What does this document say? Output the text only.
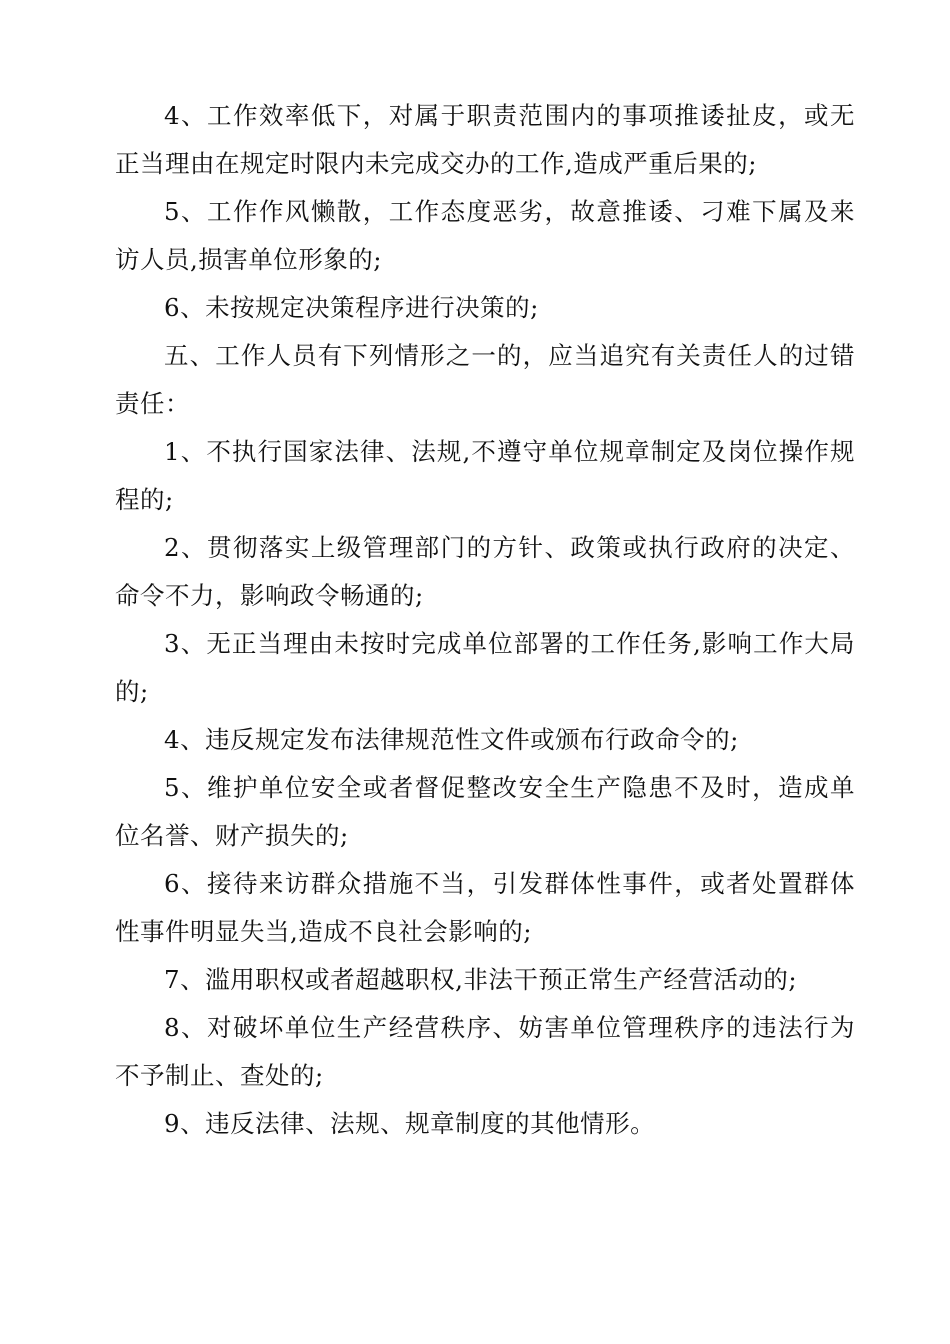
4、工作效率低下，对属于职责范围内的事项推诿扯皮，或无正当理由在规定时限内未完成交办的工作,造成严重后果的;

5、工作作风懒散，工作态度恶劣，故意推诿、刁难下属及来访人员,损害单位形象的;

6、未按规定决策程序进行决策的;

五、工作人员有下列情形之一的，应当追究有关责任人的过错责任：

1、不执行国家法律、法规,不遵守单位规章制定及岗位操作规程的;

2、贯彻落实上级管理部门的方针、政策或执行政府的决定、命令不力，影响政令畅通的;

3、无正当理由未按时完成单位部署的工作任务,影响工作大局的;

4、违反规定发布法律规范性文件或颁布行政命令的;

5、维护单位安全或者督促整改安全生产隐患不及时，造成单位名誉、财产损失的;

6、接待来访群众措施不当，引发群体性事件，或者处置群体性事件明显失当,造成不良社会影响的;

7、滥用职权或者超越职权,非法干预正常生产经营活动的;

8、对破坏单位生产经营秩序、妨害单位管理秩序的违法行为不予制止、查处的;

9、违反法律、法规、规章制度的其他情形。
